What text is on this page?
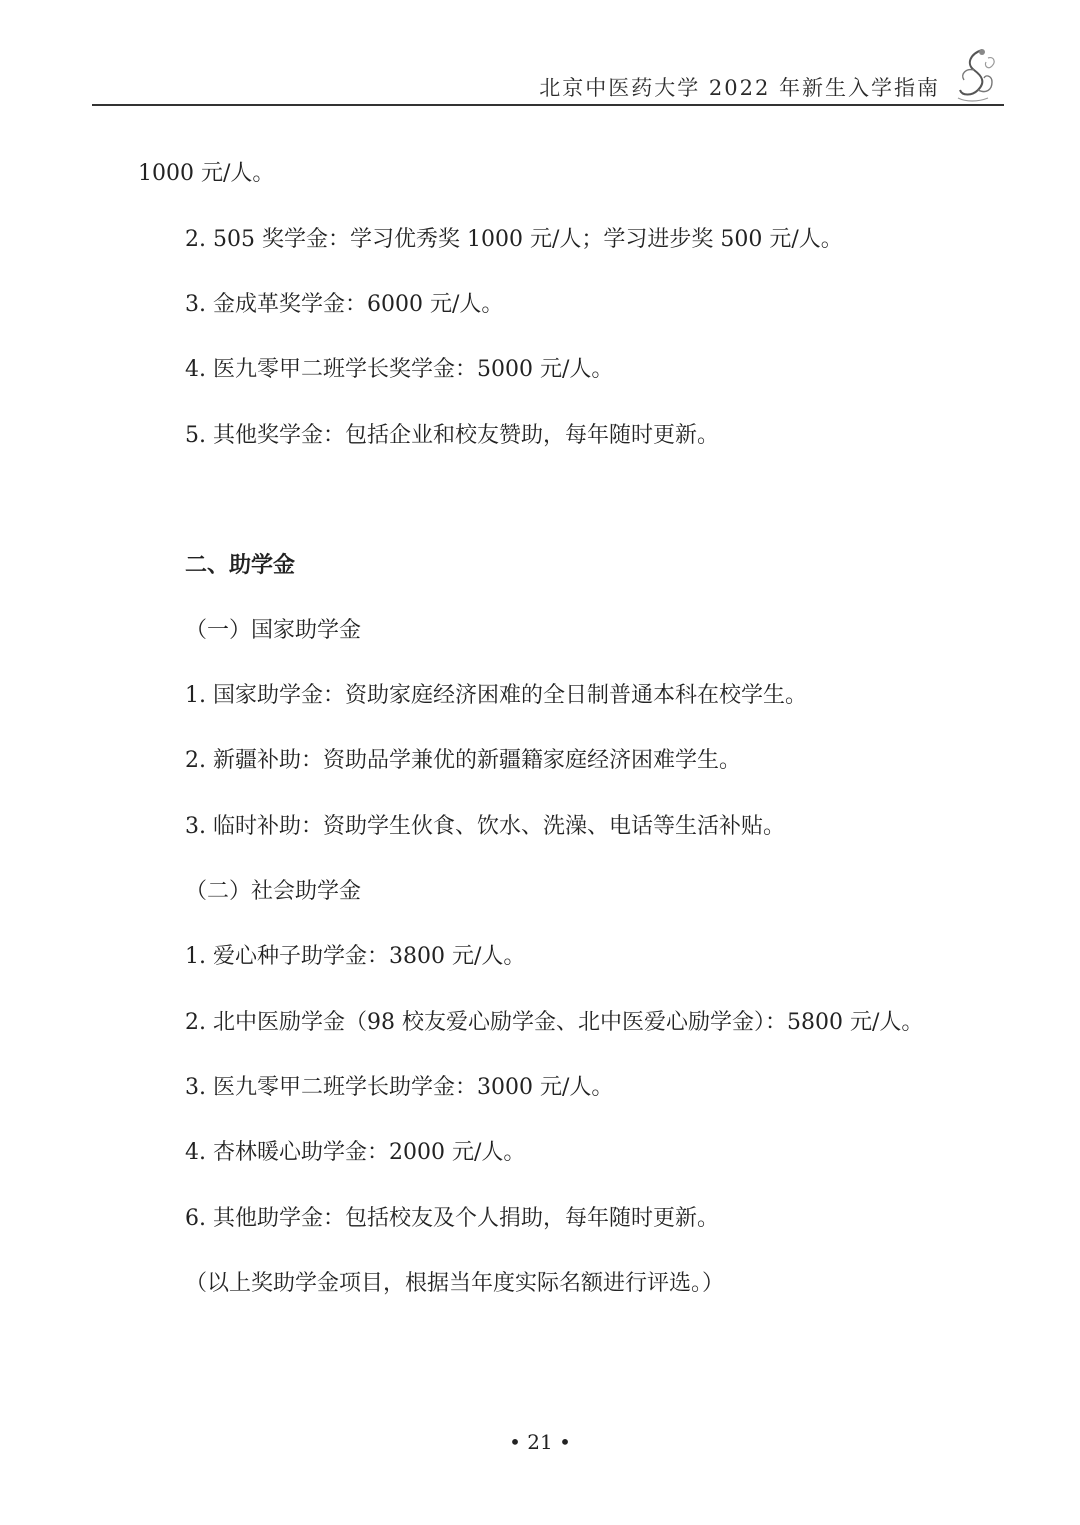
北京中医药大学 2022 年新生入学指南
1000 元/人。
2. 505 奖学金：学习优秀奖 1000 元/人；学习进步奖 500 元/人。
3. 金成革奖学金：6000 元/人。
4. 医九零甲二班学长奖学金：5000 元/人。
5. 其他奖学金：包括企业和校友赞助，每年随时更新。
二、助学金
（一）国家助学金
1. 国家助学金：资助家庭经济困难的全日制普通本科在校学生。
2. 新疆补助：资助品学兼优的新疆籍家庭经济困难学生。
3. 临时补助：资助学生伙食、饮水、洗澡、电话等生活补贴。
（二）社会助学金
1. 爱心种子助学金：3800 元/人。
2. 北中医励学金（98 校友爱心励学金、北中医爱心励学金）：5800 元/人。
3. 医九零甲二班学长助学金：3000 元/人。
4. 杏林暖心助学金：2000 元/人。
6. 其他助学金：包括校友及个人捐助，每年随时更新。
（以上奖助学金项目，根据当年度实际名额进行评选。）
• 21 •
